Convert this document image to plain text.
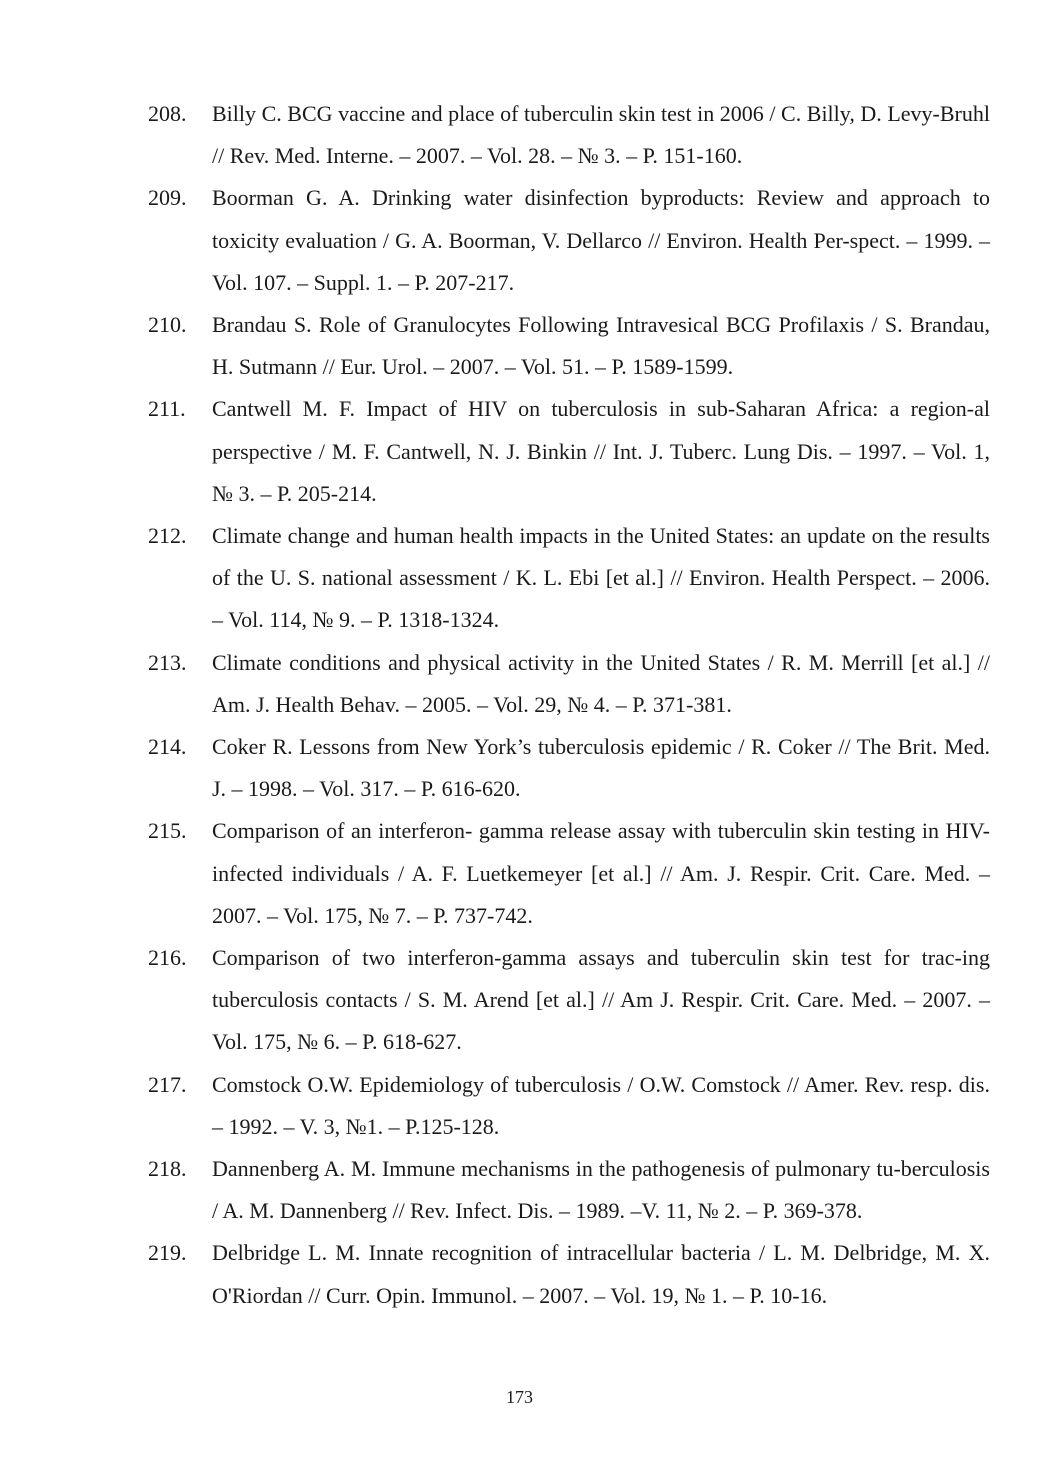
208.	Billy C. BCG vaccine and place of tuberculin skin test in 2006 / C. Billy, D. Levy-Bruhl // Rev. Med. Interne. – 2007. – Vol. 28. – № 3. – P. 151-160.
209.	Boorman G. A. Drinking water disinfection byproducts: Review and approach to toxicity evaluation / G. A. Boorman, V. Dellarco // Environ. Health Per-spect. – 1999. – Vol. 107. – Suppl. 1. – P. 207-217.
210.	Brandau S. Role of Granulocytes Following Intravesical BCG Profilaxis / S. Brandau, H. Sutmann // Eur. Urol. – 2007. – Vol. 51. – P. 1589-1599.
211.	Cantwell M. F. Impact of HIV on tuberculosis in sub-Saharan Africa: a region-al perspective / M. F. Cantwell, N. J. Binkin // Int. J. Tuberc. Lung Dis. – 1997. – Vol. 1, № 3. – P. 205-214.
212.	Climate change and human health impacts in the United States: an update on the results of the U. S. national assessment / K. L. Ebi [et al.] // Environ. Health Perspect. – 2006. – Vol. 114, № 9. – P. 1318-1324.
213.	Climate conditions and physical activity in the United States / R. M. Merrill [et al.] // Am. J. Health Behav. – 2005. – Vol. 29, № 4. – P. 371-381.
214.	Coker R. Lessons from New York’s tuberculosis epidemic / R. Coker // The Brit. Med. J. – 1998. – Vol. 317. – P. 616-620.
215.	Comparison of an interferon- gamma release assay with tuberculin skin testing in HIV- infected individuals / A. F. Luetkemeyer [et al.] // Am. J. Respir. Crit. Care. Med. – 2007. – Vol. 175, № 7. – P. 737-742.
216.	Comparison of two interferon-gamma assays and tuberculin skin test for trac-ing tuberculosis contacts / S. M. Arend [et al.] // Am J. Respir. Crit. Care. Med. – 2007. – Vol. 175, № 6. – P. 618-627.
217.	Comstock O.W. Epidemiology of tuberculosis / O.W. Comstock // Amer. Rev. resp. dis. – 1992. – V. 3, №1. – P.125-128.
218.	Dannenberg A. M. Immune mechanisms in the pathogenesis of pulmonary tu-berculosis / A. M. Dannenberg // Rev. Infect. Dis. – 1989. –V. 11, № 2. – P. 369-378.
219.	Delbridge L. M. Innate recognition of intracellular bacteria / L. M. Delbridge, M. X. O'Riordan // Curr. Opin. Immunol. – 2007. – Vol. 19, № 1. – P. 10-16.
173
